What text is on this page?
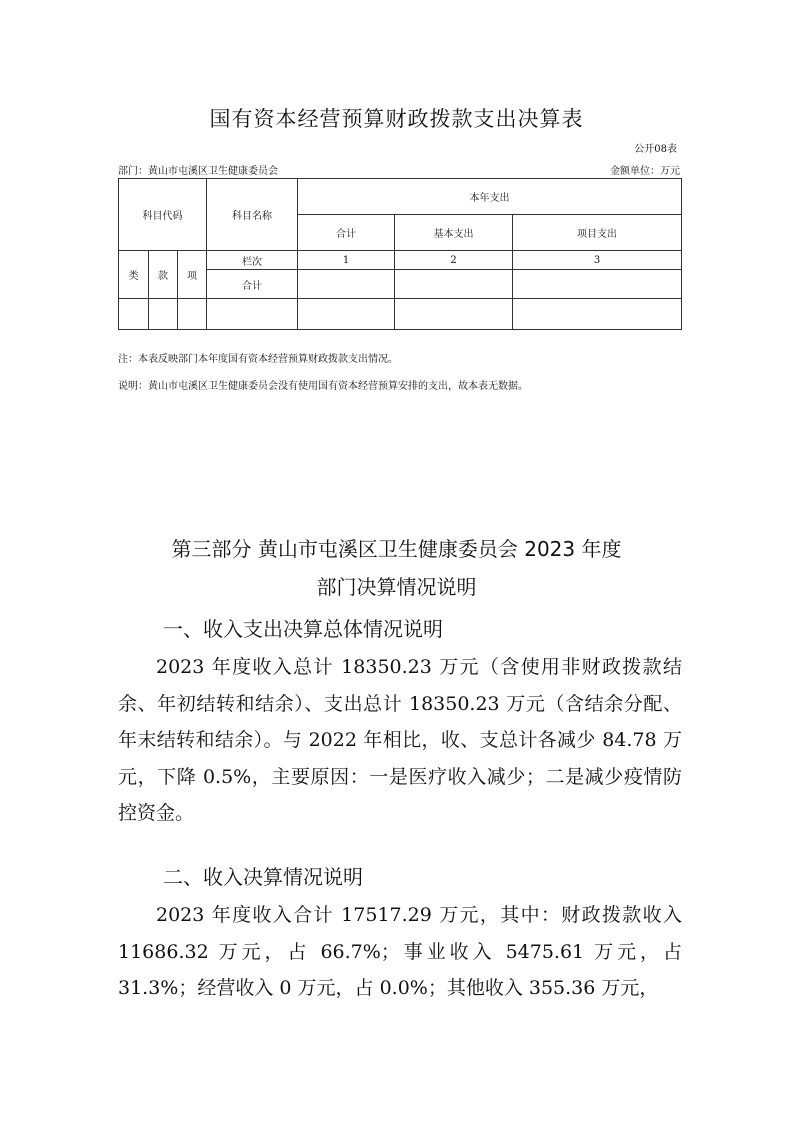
国有资本经营预算财政拨款支出决算表
公开08表
部门：黄山市屯溪区卫生健康委员会	金额单位：万元
科目代码			科目名称	本年支出		
				合计	基本支出	项目支出
类	款	项	栏次	1	2	3
			合计			

注：本表反映部门本年度国有资本经营预算财政拨款支出情况。
说明：黄山市屯溪区卫生健康委员会没有使用国有资本经营预算安排的支出，故本表无数据。
第三部分 黄山市屯溪区卫生健康委员会 2023 年度
部门决算情况说明
一、收入支出决算总体情况说明
2023 年度收入总计 18350.23 万元（含使用非财政拨款结余、年初结转和结余）、支出总计 18350.23 万元（含结余分配、年末结转和结余）。与 2022 年相比，收、支总计各减少 84.78 万元，下降 0.5%，主要原因：一是医疗收入减少；二是减少疫情防控资金。
二、收入决算情况说明
2023 年度收入合计 17517.29 万元，其中：财政拨款收入 11686.32 万元，占 66.7%；事业收入 5475.61 万元，占 31.3%；经营收入 0 万元，占 0.0%；其他收入 355.36 万元，
